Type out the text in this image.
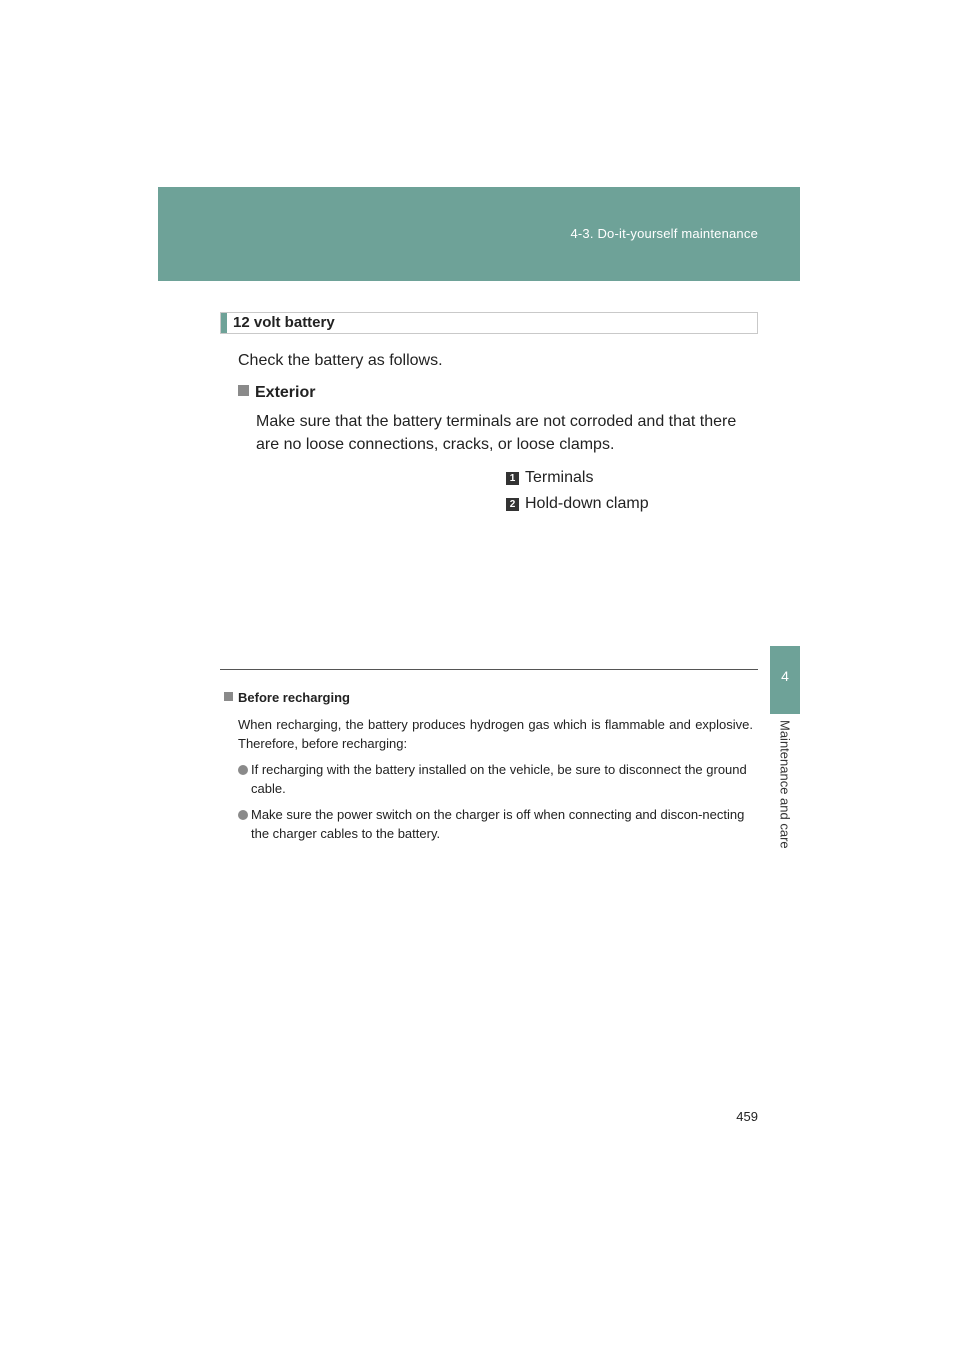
4-3. Do-it-yourself maintenance
4
Maintenance and care
12 volt battery
Check the battery as follows.
Exterior
Make sure that the battery terminals are not corroded and that there are no loose connections, cracks, or loose clamps.
1 Terminals
2 Hold-down clamp
Before recharging
When recharging, the battery produces hydrogen gas which is flammable and explosive. Therefore, before recharging:
If recharging with the battery installed on the vehicle, be sure to disconnect the ground cable.
Make sure the power switch on the charger is off when connecting and discon-necting the charger cables to the battery.
459
